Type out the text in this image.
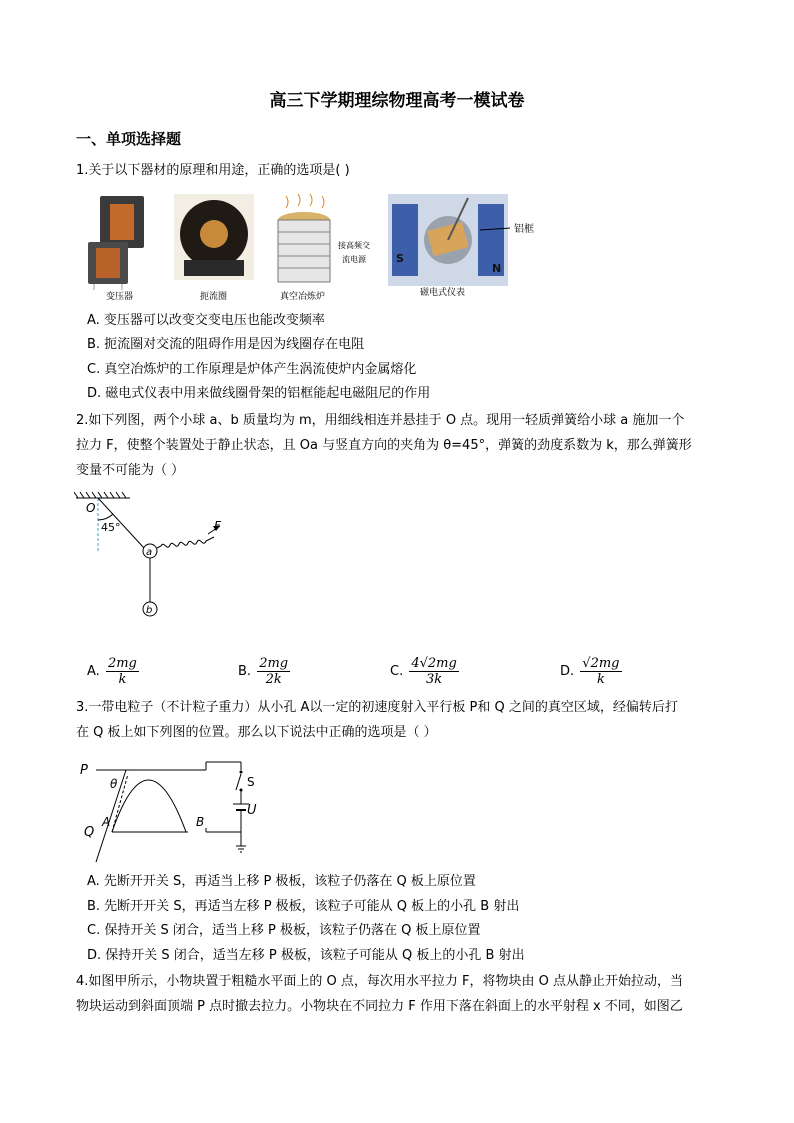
高三下学期理综物理高考一模试卷
一、单项选择题
1.关于以下器材的原理和用途，正确的选项是( )
变压器	扼流圈	真空冶炼炉
接高频交
流电源	S
N
磁电式仪表
铝框
A. 变压器可以改变交变电压也能改变频率
B. 扼流圈对交流的阻碍作用是因为线圈存在电阻
C. 真空冶炼炉的工作原理是炉体产生涡流使炉内金属熔化
D. 磁电式仪表中用来做线圈骨架的铝框能起电磁阻尼的作用
2.如下列图，两个小球 a、b 质量均为 m，用细线相连并悬挂于 O 点。现用一轻质弹簧给小球 a 施加一个
拉力 F，使整个装置处于静止状态，且 Oa 与竖直方向的夹角为 θ=45°，弹簧的劲度系数为 k，那么弹簧形
变量不可能为（ ）
O
45°
a
F
b
A. $\frac{2mg}{k}$	B. $\frac{2mg}{2k}$	C. $\frac{4√2mg}{3k}$	D. $\frac{√2mg}{k}$
3.一带电粒子（不计粒子重力）从小孔 A以一定的初速度射入平行板 P和 Q 之间的真空区域，经偏转后打
在 Q 板上如下列图的位置。那么以下说法中正确的选项是（ ）
S
U
P
θ
A
Q
B
A. 先断开开关 S，再适当上移 P 极板，该粒子仍落在 Q 板上原位置
B. 先断开开关 S，再适当左移 P 极板，该粒子可能从 Q 板上的小孔 B 射出
C. 保持开关 S 闭合，适当上移 P 极板，该粒子仍落在 Q 板上原位置
D. 保持开关 S 闭合，适当左移 P 极板，该粒子可能从 Q 板上的小孔 B 射出
4.如图甲所示，小物块置于粗糙水平面上的 O 点，每次用水平拉力 F，将物块由 O 点从静止开始拉动，当
物块运动到斜面顶端 P 点时撤去拉力。小物块在不同拉力 F 作用下落在斜面上的水平射程 x 不同，如图乙
